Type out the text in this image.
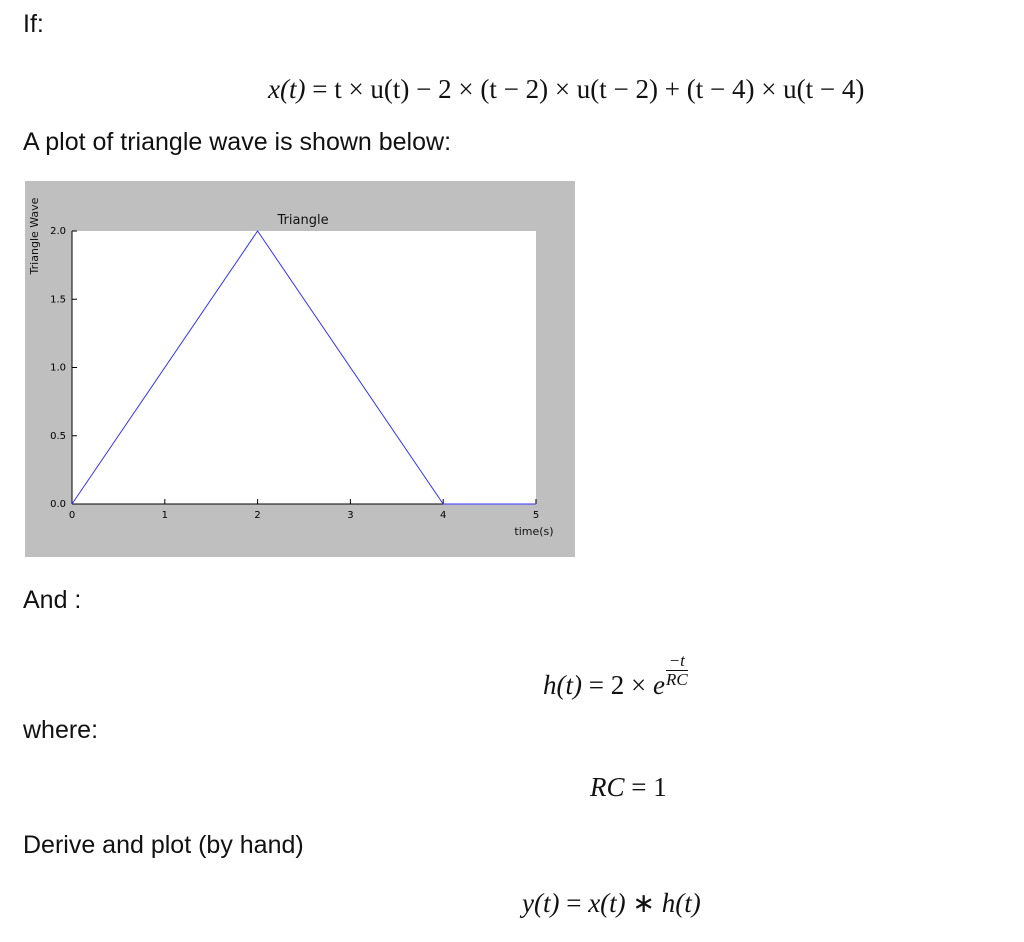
If:
x(t) = t × u(t) − 2 × (t − 2) × u(t − 2) + (t − 4) × u(t − 4)
A plot of triangle wave is shown below:
0	1	2	3	4	5
0.0
0.5
1.0
1.5
2.0
Triangle
time(s)
Triangle Wave
And :
h(t) = 2 × e $\frac{-t}{RC}$
where:
RC = 1
Derive and plot (by hand)
y(t) = x(t) ∗ h(t)
